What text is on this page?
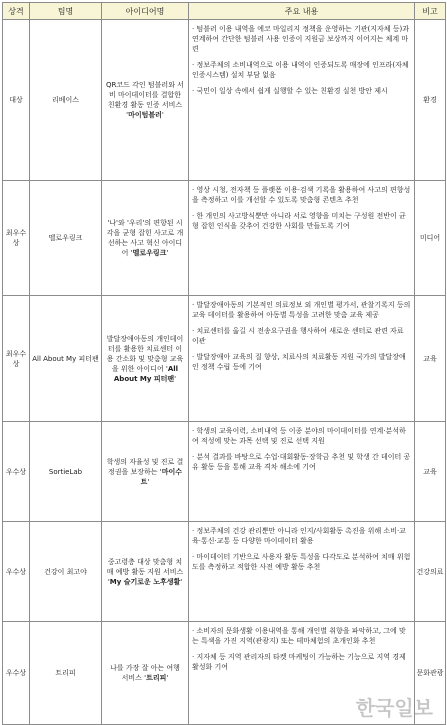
상격	팀명	아이디어명	주요 내용	비고
대상	리베이스	QR코드 각인 텀블러와 서비 마이데이터를 결합한 친환경 활동 인증 서비스 '마이텀블러'	· 텀블러 이용 내역을 에코 마일리지 정책을 운영하는 기관(지자체 등)과 연계하여 간단한 텀블러 사용 인증이 지원금 보상까지 이어지는 체계 마련
· 정보주체의 소비내역으로 이용 내역이 인증되도록 매장에 인프라(자체인증시스템) 설치 부담 없음
· 국민이 일상 속에서 쉽게 실행할 수 있는 친환경 실천 방안 제시	환경
최우수상	멜로우링크	'나'와 '우리'의 편향된 시각을 균형 잡힌 사고로 개선하는 사고 혁신 아이디어 '멜로우링크'	· 영상 시청, 전자책 등 플랫폼 이용·검색 기록을 활용하여 사고의 편향성을 측정하고 이를 개선할 수 있도록 맞춤형 콘텐츠 추천
· 한 개인의 사고방식뿐만 아니라 서로 영향을 미치는 구성원 전반이 균형 잡힌 인식을 갖추어 건강한 사회를 만들도록 기여	미디어
최우수상	All About My 피터팬	발달장애아동의 개인데이터를 활용한 치료센터 이용 간소화 및 맞춤형 교육을 위한 아이디어 'All About My 피터팬'	· 발달장애아동의 기본적인 의료정보 외 개인별 평가서, 관찰기록지 등의 교육 데이터를 활용하여 아동별 특성을 고려한 맞춤 교육 제공
· 치료센터를 옮길 시 전송요구권을 행사하여 새로운 센터로 관련 자료 이관
· 발달장애아 교육의 질 향상, 치료사의 치료활동 지원 국가의 발달장애인 정책 수립 등에 기여	교육
우수상	SortieLab	학생의 자율성 및 진로 결정권을 보장하는 '마이수트'	· 학생의 교육이력, 소비내역 등 이종 분야의 마이데이터를 연계·분석하여 적성에 맞는 과목 선택 및 진로 선택 지원
· 분석 결과를 바탕으로 수업·대회활동·장학금 추천 및 학생 간 데이터 공유 활동 등을 통해 교육 격차 해소에 기여	교육
우수상	건강이 최고야	중고령층 대상 맞춤형 치매 예방 활동 지원 서비스 'My 슬기로운 노후생활'	· 정보주체의 건강 관리뿐만 아니라 인지/사회활동 촉진을 위해 소비·교육·통신·교통 등 다양한 마이데이터 활용
· 마이데이터 기반으로 사용자 활동 특성을 다각도로 분석하여 치매 위험도를 측정하고 적합한 사전 예방 활동 추천	건강의료
우수상	트리피	나를 가장 잘 아는 여행 서비스 '트리피'	· 소비자의 문화생활 이용내역을 통해 개인별 취향을 파악하고, 그에 맞는 특색을 가진 지역(관광지) 또는 테마체험의 초개인화 추천
· 지자체 등 지역 관리자의 타켓 마케팅이 가능하는 기능으로 지역 경제 활성화 기여	문화관광
한국일보
